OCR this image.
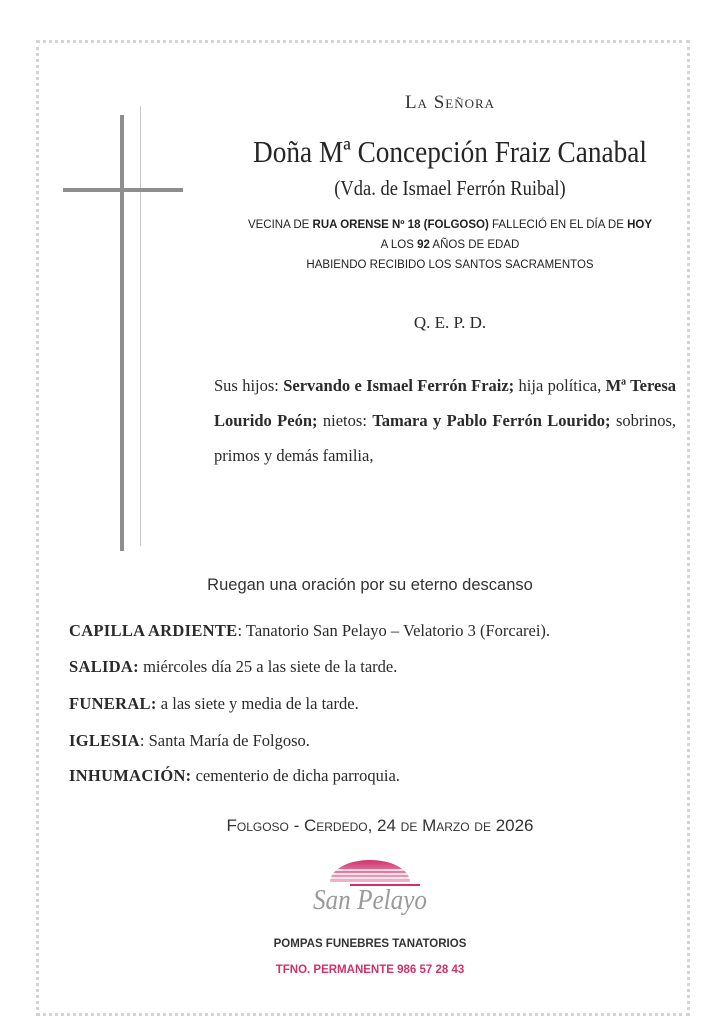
La Señora
Doña Mª Concepción Fraiz Canabal
(Vda. de Ismael Ferrón Ruibal)
VECINA DE RUA ORENSE Nº 18 (FOLGOSO) FALLECIÓ EN EL DÍA DE HOY
A LOS 92 AÑOS DE EDAD
HABIENDO RECIBIDO LOS SANTOS SACRAMENTOS
Q. E. P. D.
Sus hijos: Servando e Ismael Ferrón Fraiz; hija política, Mª Teresa Lourido Peón; nietos: Tamara y Pablo Ferrón Lourido; sobrinos, primos y demás familia,
Ruegan una oración por su eterno descanso
CAPILLA ARDIENTE: Tanatorio San Pelayo – Velatorio 3 (Forcarei).
SALIDA: miércoles día 25 a las siete de la tarde.
FUNERAL: a las siete y media de la tarde.
IGLESIA: Santa María de Folgoso.
INHUMACIÓN: cementerio de dicha parroquia.
Folgoso - Cerdedo, 24 de Marzo de 2026
San Pelayo
POMPAS FUNEBRES TANATORIOS
TFNO. PERMANENTE 986 57 28 43
